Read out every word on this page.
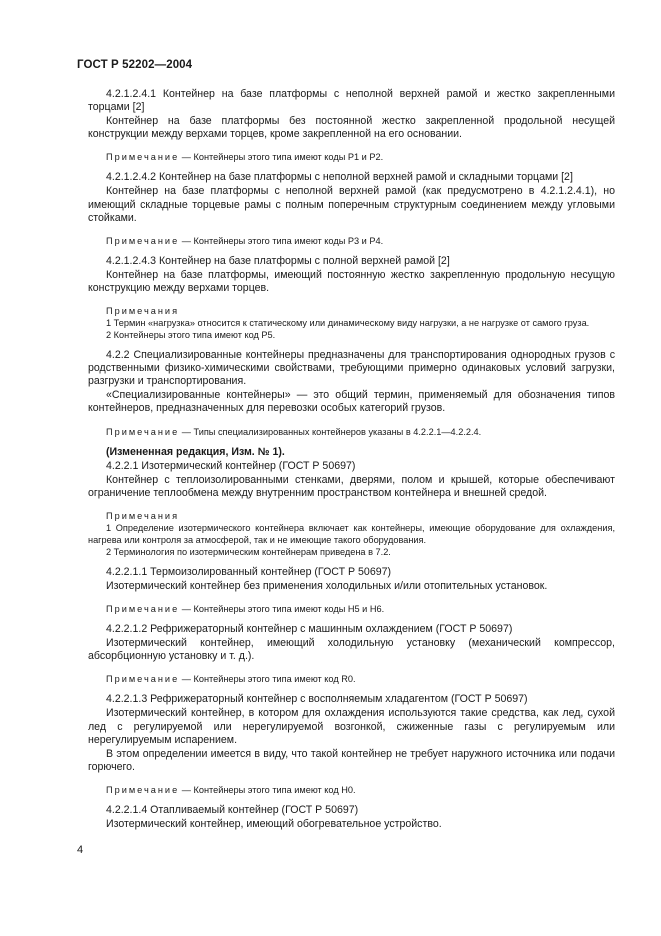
ГОСТ Р 52202—2004

4.2.1.2.4.1 Контейнер на базе платформы с неполной верхней рамой и жестко закрепленными торцами [2]

Контейнер на базе платформы без постоянной жестко закрепленной продольной несущей конструкции между верхами торцев, кроме закрепленной на его основании.

Примечание — Контейнеры этого типа имеют коды P1 и P2.

4.2.1.2.4.2 Контейнер на базе платформы с неполной верхней рамой и складными торцами [2]

Контейнер на базе платформы с неполной верхней рамой (как предусмотрено в 4.2.1.2.4.1), но имеющий складные торцевые рамы с полным поперечным структурным соединением между угловыми стойками.

Примечание — Контейнеры этого типа имеют коды P3 и P4.

4.2.1.2.4.3 Контейнер на базе платформы с полной верхней рамой [2]

Контейнер на базе платформы, имеющий постоянную жестко закрепленную продольную несущую конструкцию между верхами торцев.

Примечания

1 Термин «нагрузка» относится к статическому или динамическому виду нагрузки, а не нагрузке от самого груза.

2 Контейнеры этого типа имеют код P5.

4.2.2 Специализированные контейнеры предназначены для транспортирования однородных грузов с родственными физико-химическими свойствами, требующими примерно одинаковых условий загрузки, разгрузки и транспортирования.

«Специализированные контейнеры» — это общий термин, применяемый для обозначения типов контейнеров, предназначенных для перевозки особых категорий грузов.

Примечание — Типы специализированных контейнеров указаны в 4.2.2.1—4.2.2.4.

(Измененная редакция, Изм. № 1).

4.2.2.1 Изотермический контейнер (ГОСТ Р 50697)

Контейнер с теплоизолированными стенками, дверями, полом и крышей, которые обеспечивают ограничение теплообмена между внутренним пространством контейнера и внешней средой.

Примечания

1 Определение изотермического контейнера включает как контейнеры, имеющие оборудование для охлаждения, нагрева или контроля за атмосферой, так и не имеющие такого оборудования.

2 Терминология по изотермическим контейнерам приведена в 7.2.

4.2.2.1.1 Термоизолированный контейнер (ГОСТ Р 50697)

Изотермический контейнер без применения холодильных и/или отопительных установок.

Примечание — Контейнеры этого типа имеют коды Н5 и Н6.

4.2.2.1.2 Рефрижераторный контейнер с машинным охлаждением (ГОСТ Р 50697)

Изотермический контейнер, имеющий холодильную установку (механический компрессор, абсорбционную установку и т. д.).

Примечание — Контейнеры этого типа имеют код R0.

4.2.2.1.3 Рефрижераторный контейнер с восполняемым хладагентом (ГОСТ Р 50697)

Изотермический контейнер, в котором для охлаждения используются такие средства, как лед, сухой лед с регулируемой или нерегулируемой возгонкой, сжиженные газы с регулируемым или нерегулируемым испарением.

В этом определении имеется в виду, что такой контейнер не требует наружного источника или подачи горючего.

Примечание — Контейнеры этого типа имеют код Н0.

4.2.2.1.4 Отапливаемый контейнер (ГОСТ Р 50697)

Изотермический контейнер, имеющий обогревательное устройство.

4
